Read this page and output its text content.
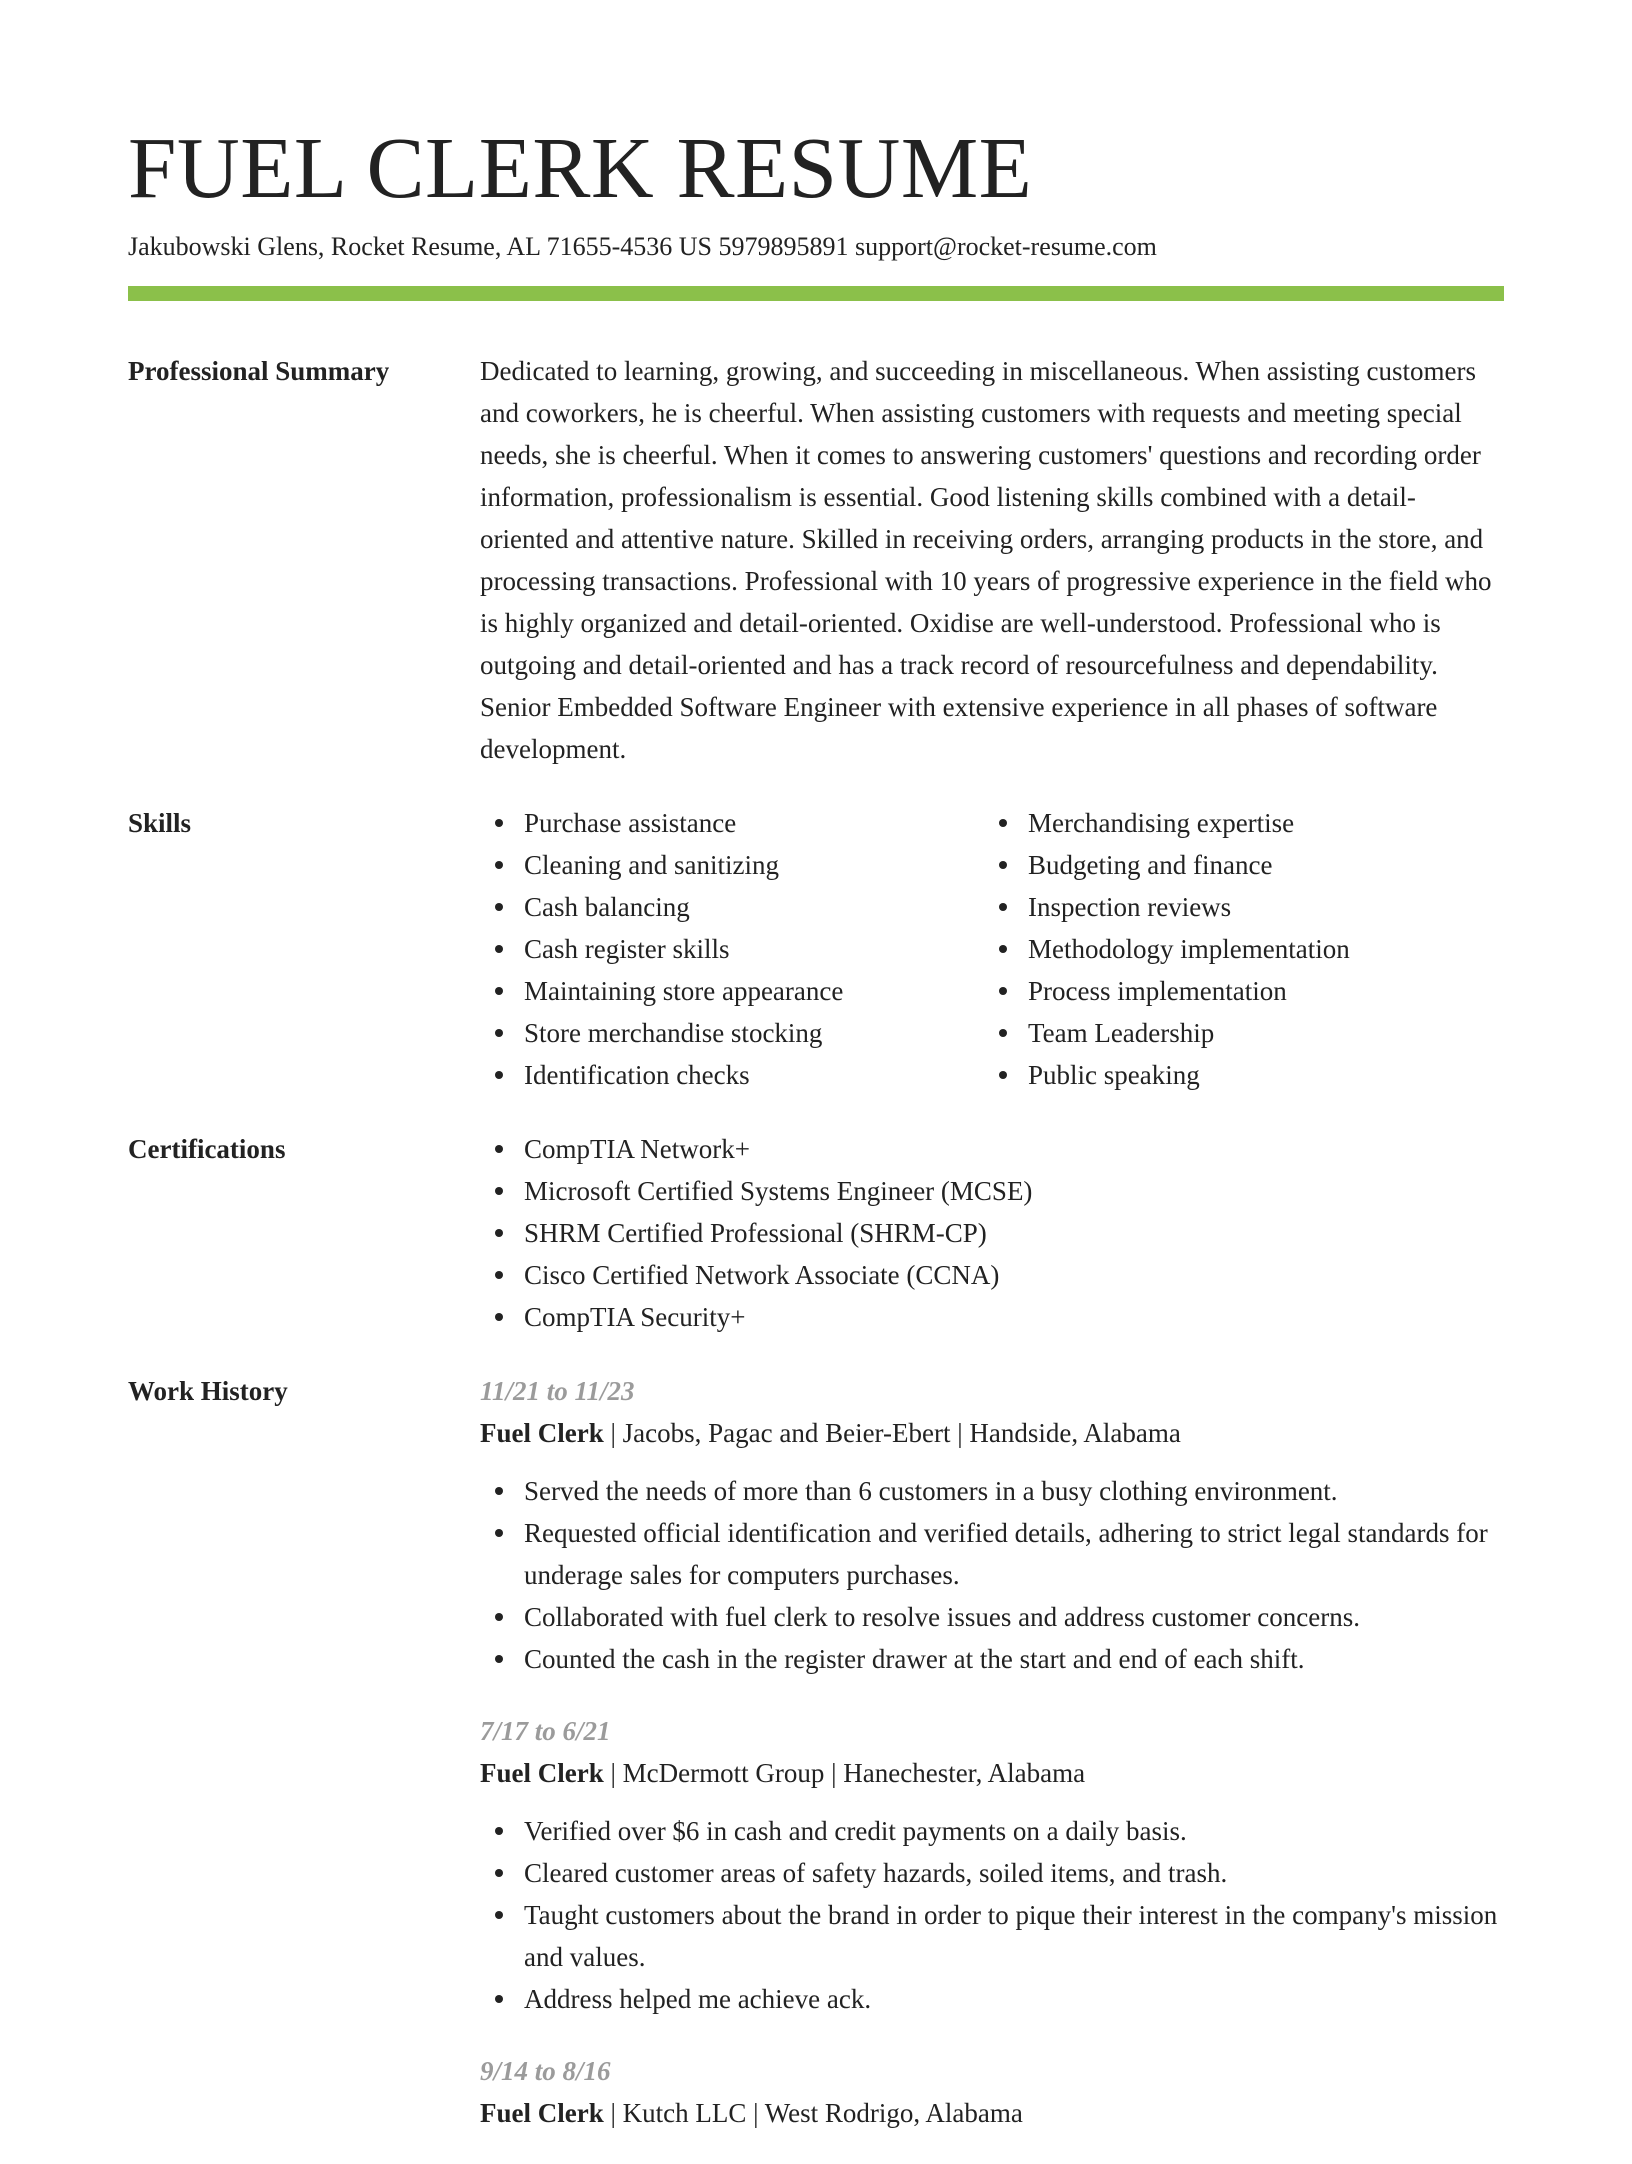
FUEL CLERK RESUME
Jakubowski Glens, Rocket Resume, AL 71655-4536 US 5979895891 support@rocket-resume.com
Professional Summary	Dedicated to learning, growing, and succeeding in miscellaneous. When assisting customers and coworkers, he is cheerful. When assisting customers with requests and meeting special needs, she is cheerful. When it comes to answering customers' questions and recording order information, professionalism is essential. Good listening skills combined with a detail-oriented and attentive nature. Skilled in receiving orders, arranging products in the store, and processing transactions. Professional with 10 years of progressive experience in the field who is highly organized and detail-oriented. Oxidise are well-understood. Professional who is outgoing and detail-oriented and has a track record of resourcefulness and dependability. Senior Embedded Software Engineer with extensive experience in all phases of software development.

Skills	Purchase assistance
Cleaning and sanitizing
Cash balancing
Cash register skills
Maintaining store appearance
Store merchandise stocking
Identification checks
Merchandising expertise
Budgeting and finance
Inspection reviews
Methodology implementation
Process implementation
Team Leadership
Public speaking
Certifications	CompTIA Network+
Microsoft Certified Systems Engineer (MCSE)
SHRM Certified Professional (SHRM-CP)
Cisco Certified Network Associate (CCNA)
CompTIA Security+
Work History	11/21 to 11/23
Fuel Clerk | Jacobs, Pagac and Beier-Ebert | Handside, Alabama
Served the needs of more than 6 customers in a busy clothing environment.
Requested official identification and verified details, adhering to strict legal standards for underage sales for computers purchases.
Collaborated with fuel clerk to resolve issues and address customer concerns.
Counted the cash in the register drawer at the start and end of each shift.
7/17 to 6/21
Fuel Clerk | McDermott Group | Hanechester, Alabama
Verified over $6 in cash and credit payments on a daily basis.
Cleared customer areas of safety hazards, soiled items, and trash.
Taught customers about the brand in order to pique their interest in the company's mission and values.
Address helped me achieve ack.
9/14 to 8/16
Fuel Clerk | Kutch LLC | West Rodrigo, Alabama
